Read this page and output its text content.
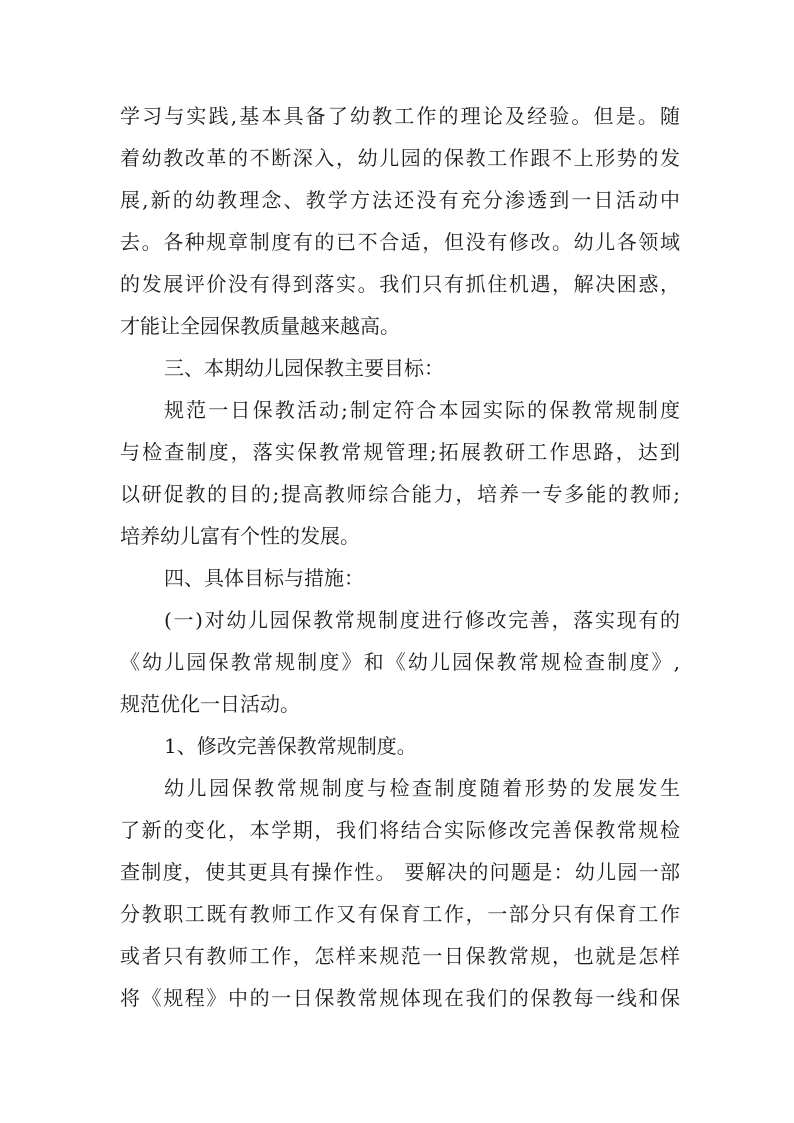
学习与实践,基本具备了幼教工作的理论及经验。但是。随
着幼教改革的不断深入，幼儿园的保教工作跟不上形势的发
展,新的幼教理念、教学方法还没有充分渗透到一日活动中
去。各种规章制度有的已不合适，但没有修改。幼儿各领域
的发展评价没有得到落实。我们只有抓住机遇，解决困惑，
才能让全园保教质量越来越高。
三、本期幼儿园保教主要目标：
规范一日保教活动;制定符合本园实际的保教常规制度
与检查制度，落实保教常规管理;拓展教研工作思路，达到
以研促教的目的;提高教师综合能力，培养一专多能的教师;
培养幼儿富有个性的发展。
四、具体目标与措施：
(一)对幼儿园保教常规制度进行修改完善，落实现有的
《幼儿园保教常规制度》和《幼儿园保教常规检查制度》,
规范优化一日活动。
1、修改完善保教常规制度。
幼儿园保教常规制度与检查制度随着形势的发展发生
了新的变化，本学期，我们将结合实际修改完善保教常规检
查制度，使其更具有操作性。 要解决的问题是：幼儿园一部
分教职工既有教师工作又有保育工作，一部分只有保育工作
或者只有教师工作，怎样来规范一日保教常规，也就是怎样
将《规程》中的一日保教常规体现在我们的保教每一线和保
